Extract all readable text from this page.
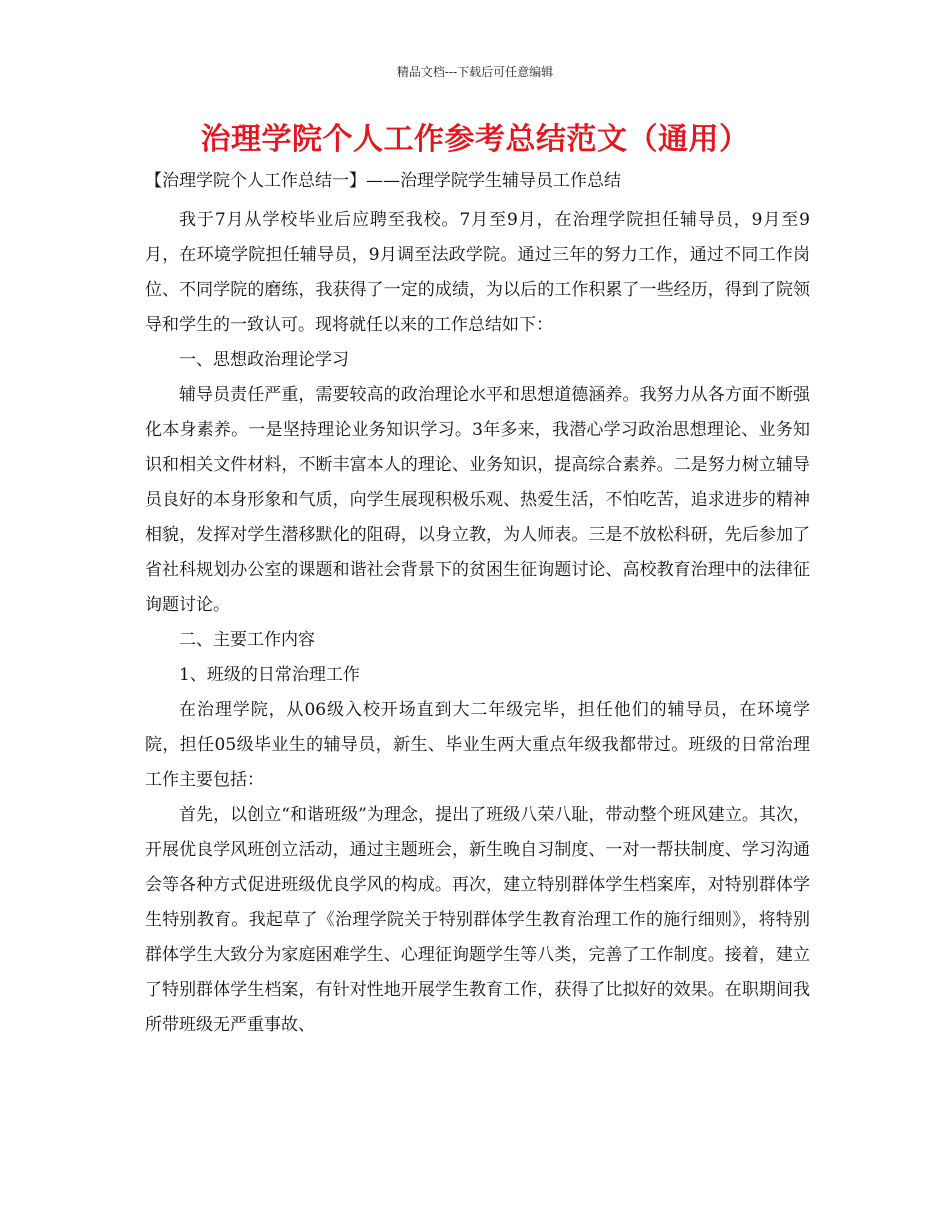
精品文档---下载后可任意编辑
治理学院个人工作参考总结范文（通用）
【治理学院个人工作总结一】——治理学院学生辅导员工作总结

我于7月从学校毕业后应聘至我校。7月至9月，在治理学院担任辅导员，9月至9月，在环境学院担任辅导员，9月调至法政学院。通过三年的努力工作，通过不同工作岗位、不同学院的磨练，我获得了一定的成绩，为以后的工作积累了一些经历，得到了院领导和学生的一致认可。现将就任以来的工作总结如下：

一、思想政治理论学习

辅导员责任严重，需要较高的政治理论水平和思想道德涵养。我努力从各方面不断强化本身素养。一是坚持理论业务知识学习。3年多来，我潜心学习政治思想理论、业务知识和相关文件材料，不断丰富本人的理论、业务知识，提高综合素养。二是努力树立辅导员良好的本身形象和气质，向学生展现积极乐观、热爱生活，不怕吃苦，追求进步的精神相貌，发挥对学生潜移默化的阻碍，以身立教，为人师表。三是不放松科研，先后参加了省社科规划办公室的课题和谐社会背景下的贫困生征询题讨论、高校教育治理中的法律征询题讨论。

二、主要工作内容

1、班级的日常治理工作

在治理学院，从06级入校开场直到大二年级完毕，担任他们的辅导员，在环境学院，担任05级毕业生的辅导员，新生、毕业生两大重点年级我都带过。班级的日常治理工作主要包括：

首先，以创立“和谐班级”为理念，提出了班级八荣八耻，带动整个班风建立。其次，开展优良学风班创立活动，通过主题班会，新生晚自习制度、一对一帮扶制度、学习沟通会等各种方式促进班级优良学风的构成。再次，建立特别群体学生档案库，对特别群体学生特别教育。我起草了《治理学院关于特别群体学生教育治理工作的施行细则》，将特别群体学生大致分为家庭困难学生、心理征询题学生等八类，完善了工作制度。接着，建立了特别群体学生档案，有针对性地开展学生教育工作，获得了比拟好的效果。在职期间我所带班级无严重事故、
